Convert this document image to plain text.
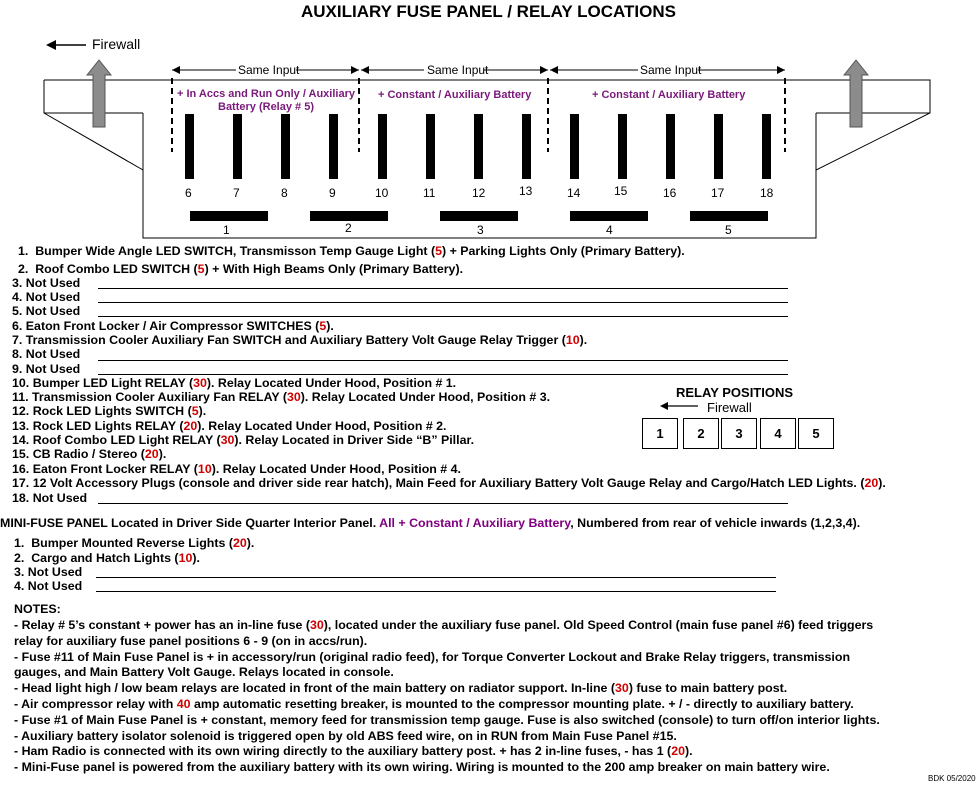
AUXILIARY FUSE PANEL / RELAY LOCATIONS
Firewall
Same Input	Same Input	Same Input
+ In Accs and Run Only / Auxiliary Battery (Relay # 5)
+ Constant / Auxiliary Battery	+ Constant / Auxiliary Battery
6	7	8	9	10	11	12	13	14	15	16	17	18
1	2	3	4	5
1. Bumper Wide Angle LED SWITCH, Transmisson Temp Gauge Light (5) + Parking Lights Only (Primary Battery).
2. Roof Combo LED SWITCH (5) + With High Beams Only (Primary Battery).
3. Not Used
4. Not Used
5. Not Used
6. Eaton Front Locker / Air Compressor SWITCHES (5).
7. Transmission Cooler Auxiliary Fan SWITCH and Auxiliary Battery Volt Gauge Relay Trigger (10).
8. Not Used
9. Not Used
10. Bumper LED Light RELAY (30). Relay Located Under Hood, Position # 1.
11. Transmission Cooler Auxiliary Fan RELAY (30). Relay Located Under Hood, Position # 3.
12. Rock LED Lights SWITCH (5).
13. Rock LED Lights RELAY (20). Relay Located Under Hood, Position # 2.
14. Roof Combo LED Light RELAY (30). Relay Located in Driver Side “B” Pillar.
15. CB Radio / Stereo (20).
16. Eaton Front Locker RELAY (10). Relay Located Under Hood, Position # 4.
17. 12 Volt Accessory Plugs (console and driver side rear hatch), Main Feed for Auxiliary Battery Volt Gauge Relay and Cargo/Hatch LED Lights. (20).
18. Not Used
RELAY POSITIONS
Firewall
1	2	3	4	5
MINI-FUSE PANEL Located in Driver Side Quarter Interior Panel. All + Constant / Auxiliary Battery, Numbered from rear of vehicle inwards (1,2,3,4).
1. Bumper Mounted Reverse Lights (20).
2. Cargo and Hatch Lights (10).
3. Not Used
4. Not Used
NOTES:
- Relay # 5’s constant + power has an in-line fuse (30), located under the auxiliary fuse panel. Old Speed Control (main fuse panel #6) feed triggers
relay for auxiliary fuse panel positions 6 - 9 (on in accs/run).
- Fuse #11 of Main Fuse Panel is + in accessory/run (original radio feed), for Torque Converter Lockout and Brake Relay triggers, transmission
gauges, and Main Battery Volt Gauge. Relays located in console.
- Head light high / low beam relays are located in front of the main battery on radiator support. In-line (30) fuse to main battery post.
- Air compressor relay with 40 amp automatic resetting breaker, is mounted to the compressor mounting plate. + / - directly to auxiliary battery.
- Fuse #1 of Main Fuse Panel is + constant, memory feed for transmission temp gauge. Fuse is also switched (console) to turn off/on interior lights.
- Auxiliary battery isolator solenoid is triggered open by old ABS feed wire, on in RUN from Main Fuse Panel #15.
- Ham Radio is connected with its own wiring directly to the auxiliary battery post. + has 2 in-line fuses, - has 1 (20).
- Mini-Fuse panel is powered from the auxiliary battery with its own wiring. Wiring is mounted to the 200 amp breaker on main battery wire.
BDK 05/2020
